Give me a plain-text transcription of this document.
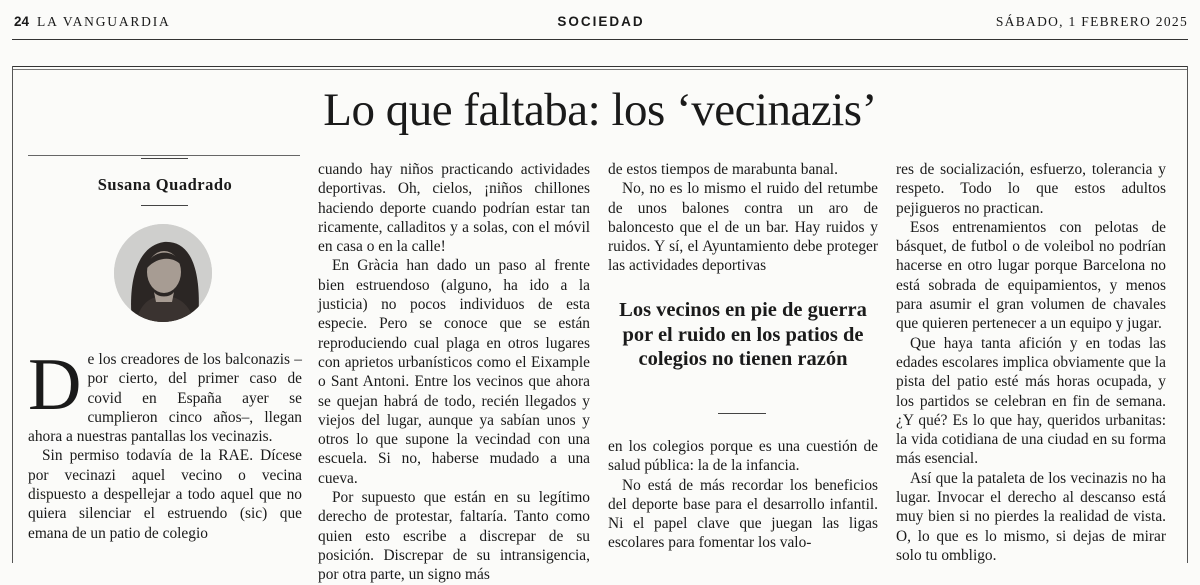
24 LA VANGUARDIA	SOCIEDAD	SÁBADO, 1 FEBRERO 2025
Lo que faltaba: los ‘vecinazis’
Susana Quadrado

De los creadores de los balconazis –por cierto, del primer caso de covid en España ayer se cumplieron cinco años–, llegan ahora a nuestras pantallas los vecinazis.

Sin permiso todavía de la RAE. Dícese por vecinazi aquel vecino o vecina dispuesto a despellejar a todo aquel que no quiera silenciar el estruendo (sic) que emana de un patio de colegio

cuando hay niños practicando actividades deportivas. Oh, cielos, ¡niños chillones haciendo deporte cuando podrían estar tan ricamente, calladitos y a solas, con el móvil en casa o en la calle!

En Gràcia han dado un paso al frente bien estruendoso (alguno, ha ido a la justicia) no pocos individuos de esta especie. Pero se conoce que se están reproduciendo cual plaga en otros lugares con aprietos urbanísticos como el Eixample o Sant Antoni. Entre los vecinos que ahora se quejan habrá de todo, recién llegados y viejos del lugar, aunque ya sabían unos y otros lo que supone la vecindad con una escuela. Si no, haberse mudado a una cueva.

Por supuesto que están en su legítimo derecho de protestar, faltaría. Tanto como quien esto escribe a discrepar de su posición. Discrepar de su intransigencia, por otra parte, un signo más

de estos tiempos de marabunta banal.

No, no es lo mismo el ruido del retumbe de unos balones contra un aro de baloncesto que el de un bar. Hay ruidos y ruidos. Y sí, el Ayuntamiento debe proteger las actividades deportivas

Los vecinos en pie de guerra por el ruido en los patios de colegios no tienen razón

en los colegios porque es una cuestión de salud pública: la de la infancia.

No está de más recordar los beneficios del deporte base para el desarrollo infantil. Ni el papel clave que juegan las ligas escolares para fomentar los valo-

res de socialización, esfuerzo, tolerancia y respeto. Todo lo que estos adultos pejigueros no practican.

Esos entrenamientos con pelotas de básquet, de futbol o de voleibol no podrían hacerse en otro lugar porque Barcelona no está sobrada de equipamientos, y menos para asumir el gran volumen de chavales que quieren pertenecer a un equipo y jugar.

Que haya tanta afición y en todas las edades escolares implica obviamente que la pista del patio esté más horas ocupada, y los partidos se celebran en fin de semana. ¿Y qué? Es lo que hay, queridos urbanitas: la vida cotidiana de una ciudad en su forma más esencial.

Así que la pataleta de los vecinazis no ha lugar. Invocar el derecho al descanso está muy bien si no pierdes la realidad de vista. O, lo que es lo mismo, si dejas de mirar solo tu ombligo.
